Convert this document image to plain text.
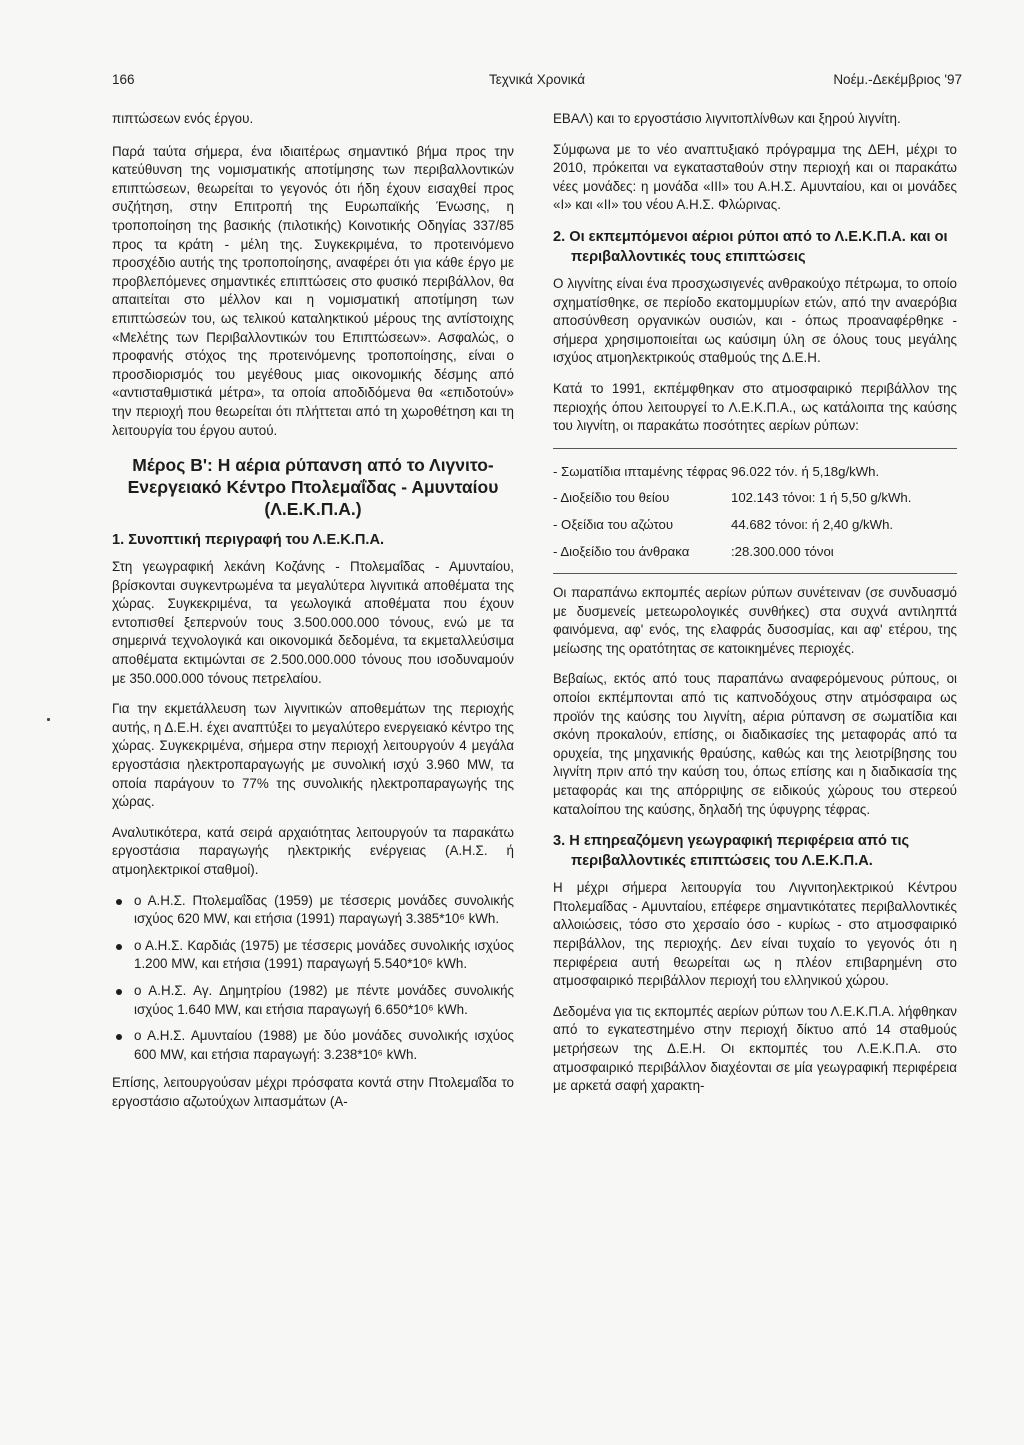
166	Τεχνικά Χρονικά	Νοέμ.-Δεκέμβριος '97

πιπτώσεων ενός έργου.

Παρά ταύτα σήμερα, ένα ιδιαιτέρως σημαντικό βήμα προς την κατεύθυνση της νομισματικής αποτίμησης των περιβαλλοντικών επιπτώσεων, θεωρείται το γεγονός ότι ήδη έχουν εισαχθεί προς συζήτηση, στην Επιτροπή της Ευρωπαϊκής Ένωσης, η τροποποίηση της βασικής (πιλοτικής) Κοινοτικής Οδηγίας 337/85 προς τα κράτη - μέλη της. Συγκεκριμένα, το προτεινόμενο προσχέδιο αυτής της τροποποίησης, αναφέρει ότι για κάθε έργο με προβλεπόμενες σημαντικές επιπτώσεις στο φυσικό περιβάλλον, θα απαιτείται στο μέλλον και η νομισματική αποτίμηση των επιπτώσεών του, ως τελικού καταληκτικού μέρους της αντίστοιχης «Μελέτης των Περιβαλλοντικών του Επιπτώσεων». Ασφαλώς, ο προφανής στόχος της προτεινόμενης τροποποίησης, είναι ο προσδιορισμός του μεγέθους μιας οικονομικής δέσμης από «αντισταθμιστικά μέτρα», τα οποία αποδιδόμενα θα «επιδοτούν» την περιοχή που θεωρείται ότι πλήττεται από τη χωροθέτηση και τη λειτουργία του έργου αυτού.

Μέρος Β': Η αέρια ρύπανση από το Λιγνιτο-Ενεργειακό Κέντρο Πτολεμαΐδας - Αμυνταίου (Λ.Ε.Κ.Π.Α.)
1. Συνοπτική περιγραφή του Λ.Ε.Κ.Π.Α.

Στη γεωγραφική λεκάνη Κοζάνης - Πτολεμαΐδας - Αμυνταίου, βρίσκονται συγκεντρωμένα τα μεγαλύτερα λιγνιτικά αποθέματα της χώρας. Συγκεκριμένα, τα γεωλογικά αποθέματα που έχουν εντοπισθεί ξεπερνούν τους 3.500.000.000 τόνους, ενώ με τα σημερινά τεχνολογικά και οικονομικά δεδομένα, τα εκμεταλλεύσιμα αποθέματα εκτιμώνται σε 2.500.000.000 τόνους που ισοδυναμούν με 350.000.000 τόνους πετρελαίου.

Για την εκμετάλλευση των λιγνιτικών αποθεμάτων της περιοχής αυτής, η Δ.Ε.Η. έχει αναπτύξει το μεγαλύτερο ενεργειακό κέντρο της χώρας. Συγκεκριμένα, σήμερα στην περιοχή λειτουργούν 4 μεγάλα εργοστάσια ηλεκτροπαραγωγής με συνολική ισχύ 3.960 MW, τα οποία παράγουν το 77% της συνολικής ηλεκτροπαραγωγής της χώρας.

Αναλυτικότερα, κατά σειρά αρχαιότητας λειτουργούν τα παρακάτω εργοστάσια παραγωγής ηλεκτρικής ενέργειας (Α.Η.Σ. ή ατμοηλεκτρικοί σταθμοί).

ο Α.Η.Σ. Πτολεμαΐδας (1959) με τέσσερις μονάδες συνολικής ισχύος 620 MW, και ετήσια (1991) παραγωγή 3.385*10⁶ kWh.
ο Α.Η.Σ. Καρδιάς (1975) με τέσσερις μονάδες συνολικής ισχύος 1.200 MW, και ετήσια (1991) παραγωγή 5.540*10⁶ kWh.
ο Α.Η.Σ. Αγ. Δημητρίου (1982) με πέντε μονάδες συνολικής ισχύος 1.640 MW, και ετήσια παραγωγή 6.650*10⁶ kWh.
ο Α.Η.Σ. Αμυνταίου (1988) με δύο μονάδες συνολικής ισχύος 600 MW, και ετήσια παραγωγή: 3.238*10⁶ kWh.

Επίσης, λειτουργούσαν μέχρι πρόσφατα κοντά στην Πτολεμαΐδα το εργοστάσιο αζωτούχων λιπασμάτων (Α-

ΕΒΑΛ) και το εργοστάσιο λιγνιτοπλίνθων και ξηρού λιγνίτη.

Σύμφωνα με το νέο αναπτυξιακό πρόγραμμα της ΔΕΗ, μέχρι το 2010, πρόκειται να εγκατασταθούν στην περιοχή και οι παρακάτω νέες μονάδες: η μονάδα «ΙΙΙ» του Α.Η.Σ. Αμυνταίου, και οι μονάδες «Ι» και «ΙΙ» του νέου Α.Η.Σ. Φλώρινας.

2. Οι εκπεμπόμενοι αέριοι ρύποι από το Λ.Ε.Κ.Π.Α. και οι περιβαλλοντικές τους επιπτώσεις

Ο λιγνίτης είναι ένα προσχωσιγενές ανθρακούχο πέτρωμα, το οποίο σχηματίσθηκε, σε περίοδο εκατομμυρίων ετών, από την αναερόβια αποσύνθεση οργανικών ουσιών, και - όπως προαναφέρθηκε - σήμερα χρησιμοποιείται ως καύσιμη ύλη σε όλους τους μεγάλης ισχύος ατμοηλεκτρικούς σταθμούς της Δ.Ε.Η.

Κατά το 1991, εκπέμφθηκαν στο ατμοσφαιρικό περιβάλλον της περιοχής όπου λειτουργεί το Λ.Ε.Κ.Π.Α., ως κατάλοιπα της καύσης του λιγνίτη, οι παρακάτω ποσότητες αερίων ρύπων:

- Σωματίδια ιπταμένης τέφρας	96.022 τόν. ή 5,18g/kWh.
- Διοξείδιο του θείου	102.143 τόνοι: 1 ή 5,50 g/kWh.
- Οξείδια του αζώτου	44.682 τόνοι: ή 2,40 g/kWh.
- Διοξείδιο του άνθρακα	:28.300.000 τόνοι

Οι παραπάνω εκπομπές αερίων ρύπων συνέτειναν (σε συνδυασμό με δυσμενείς μετεωρολογικές συνθήκες) στα συχνά αντιληπτά φαινόμενα, αφ' ενός, της ελαφράς δυσοσμίας, και αφ' ετέρου, της μείωσης της ορατότητας σε κατοικημένες περιοχές.

Βεβαίως, εκτός από τους παραπάνω αναφερόμενους ρύπους, οι οποίοι εκπέμπονται από τις καπνοδόχους στην ατμόσφαιρα ως προϊόν της καύσης του λιγνίτη, αέρια ρύπανση σε σωματίδια και σκόνη προκαλούν, επίσης, οι διαδικασίες της μεταφοράς από τα ορυχεία, της μηχανικής θραύσης, καθώς και της λειοτρίβησης του λιγνίτη πριν από την καύση του, όπως επίσης και η διαδικασία της μεταφοράς και της απόρριψης σε ειδικούς χώρους του στερεού καταλοίπου της καύσης, δηλαδή της ύφυγρης τέφρας.

3. Η επηρεαζόμενη γεωγραφική περιφέρεια από τις περιβαλλοντικές επιπτώσεις του Λ.Ε.Κ.Π.Α.

Η μέχρι σήμερα λειτουργία του Λιγνιτοηλεκτρικού Κέντρου Πτολεμαΐδας - Αμυνταίου, επέφερε σημαντικότατες περιβαλλοντικές αλλοιώσεις, τόσο στο χερσαίο όσο - κυρίως - στο ατμοσφαιρικό περιβάλλον, της περιοχής. Δεν είναι τυχαίο το γεγονός ότι η περιφέρεια αυτή θεωρείται ως η πλέον επιβαρημένη στο ατμοσφαιρικό περιβάλλον περιοχή του ελληνικού χώρου.

Δεδομένα για τις εκπομπές αερίων ρύπων του Λ.Ε.Κ.Π.Α. λήφθηκαν από το εγκατεστημένο στην περιοχή δίκτυο από 14 σταθμούς μετρήσεων της Δ.Ε.Η. Οι εκπομπές του Λ.Ε.Κ.Π.Α. στο ατμοσφαιρικό περιβάλλον διαχέονται σε μία γεωγραφική περιφέρεια με αρκετά σαφή χαρακτη-
